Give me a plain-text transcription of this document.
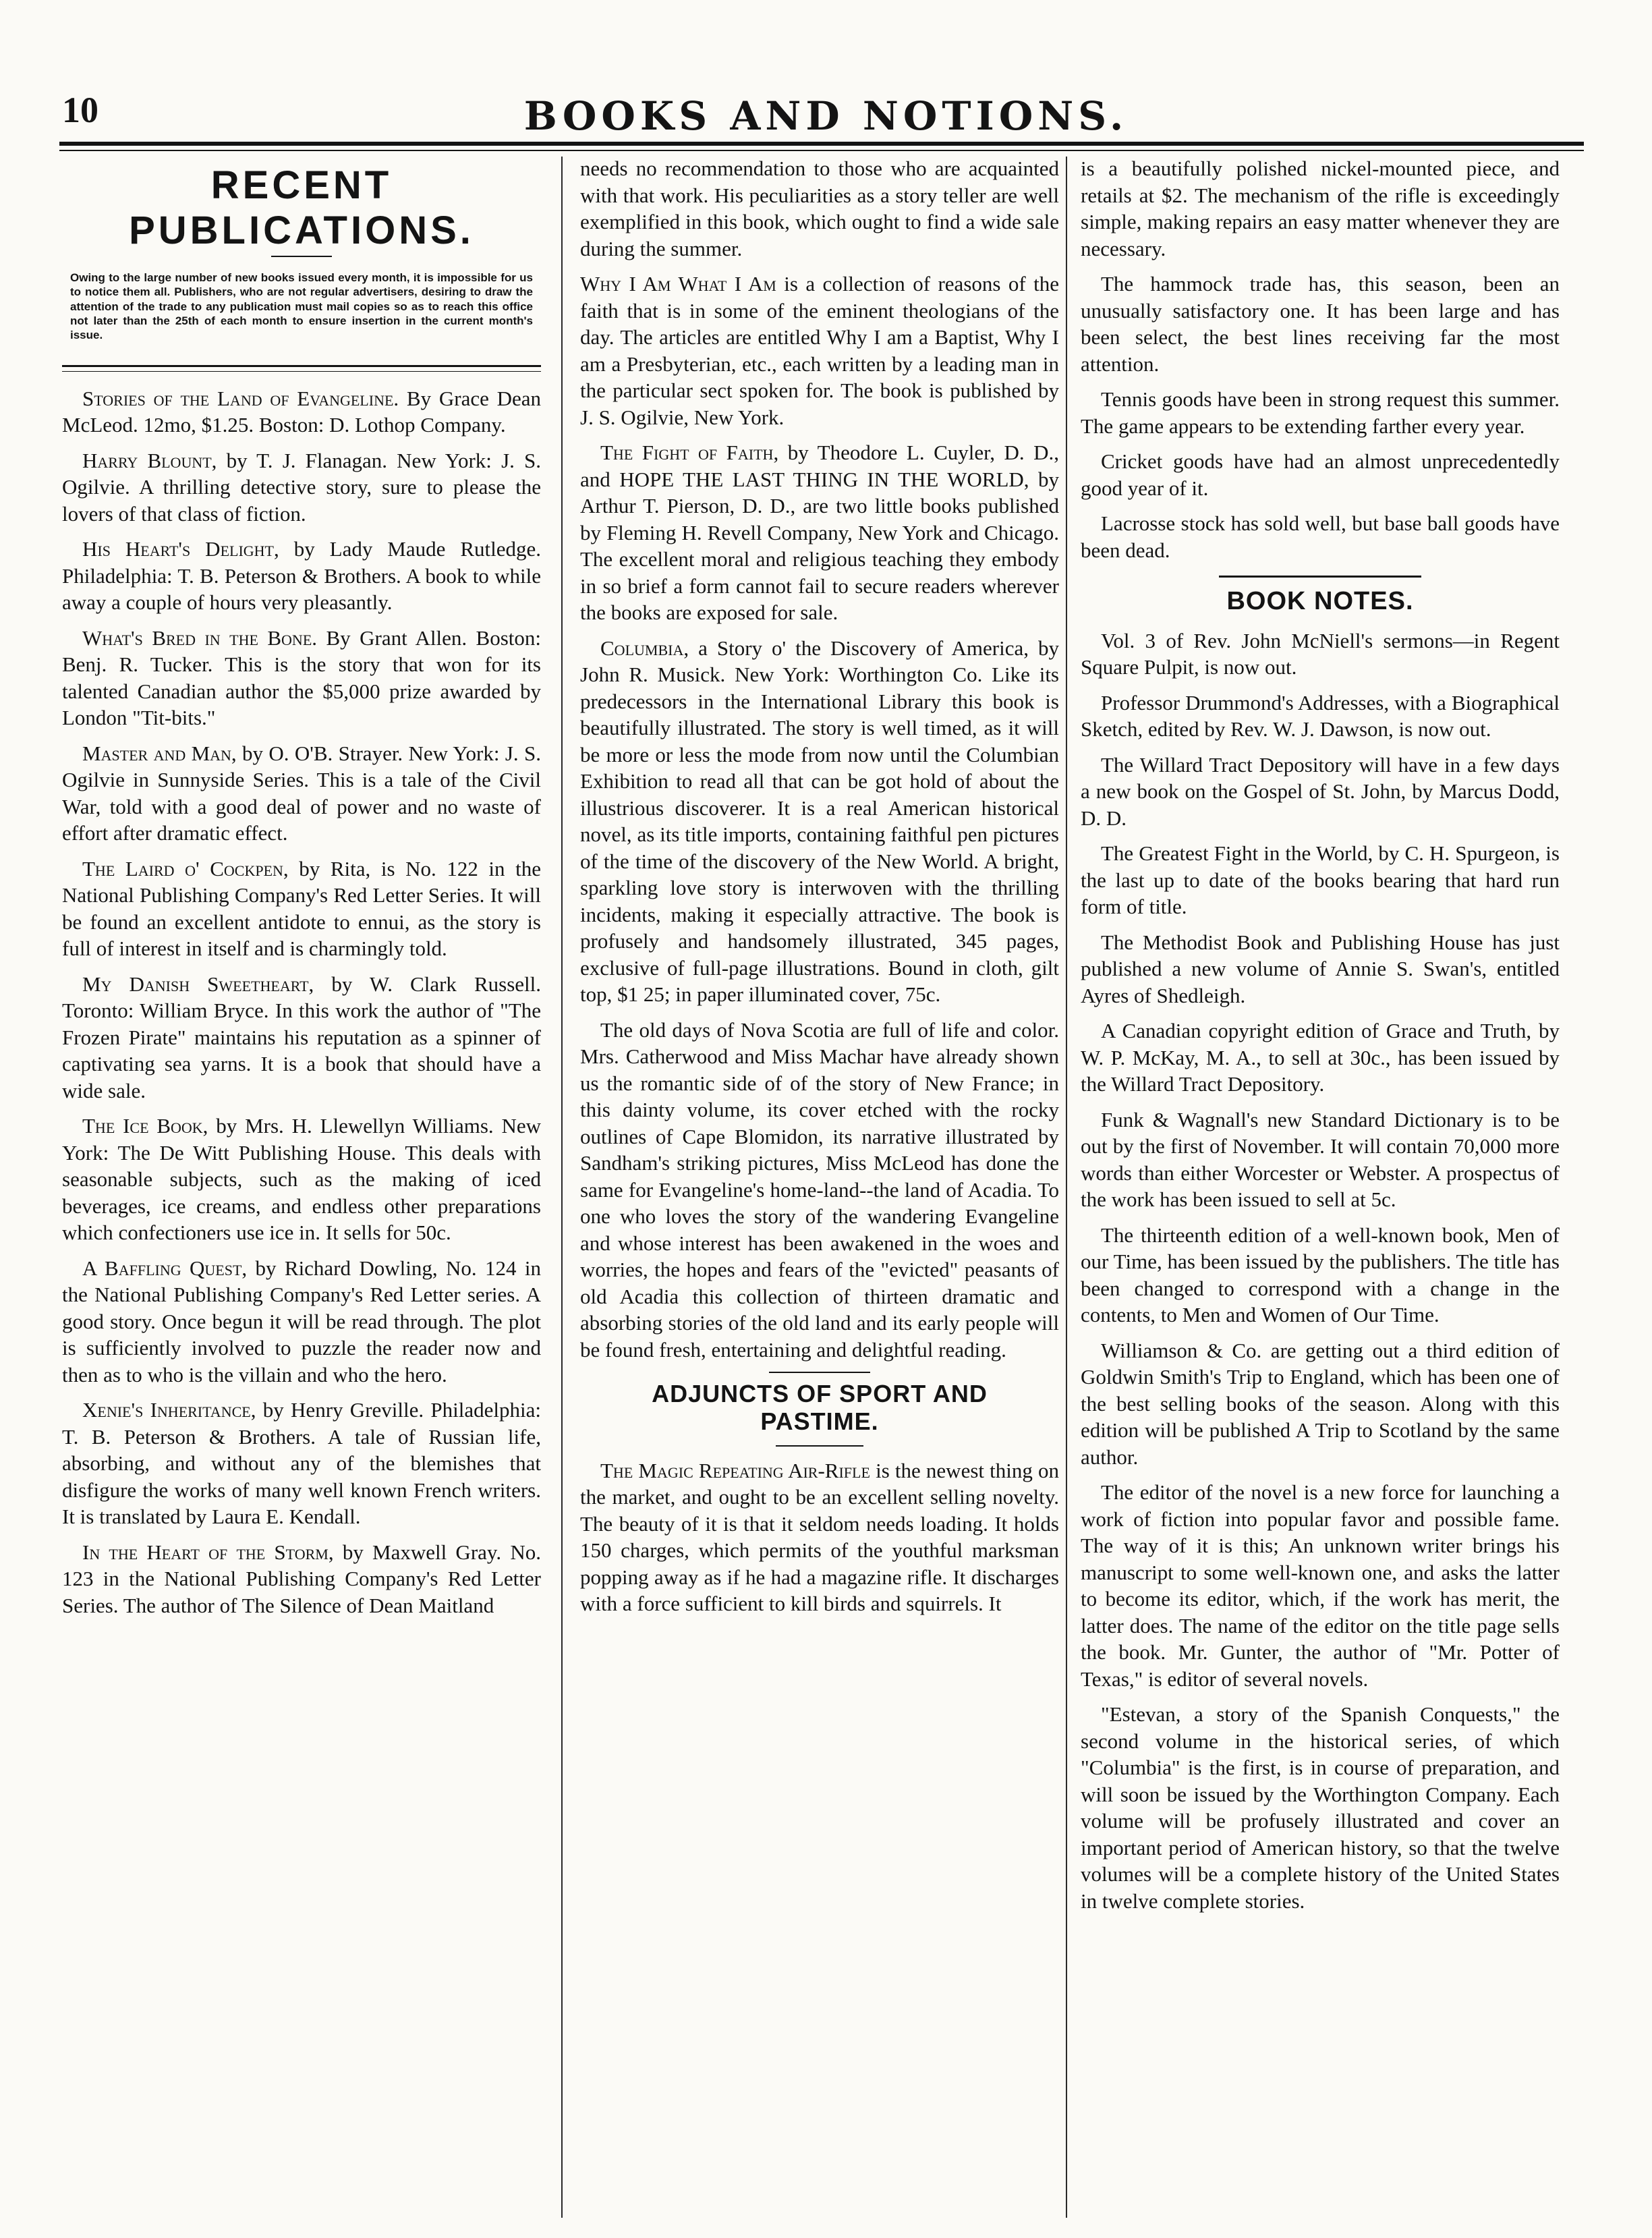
10	BOOKS AND NOTIONS.
RECENT
PUBLICATIONS.
Owing to the large number of new books issued every month, it is impossible for us to notice them all. Publishers, who are not regular advertisers, desiring to draw the attention of the trade to any publication must mail copies so as to reach this office not later than the 25th of each month to ensure insertion in the current month's issue.

Stories of the Land of Evangeline. By Grace Dean McLeod. 12mo, $1.25. Boston: D. Lothop Company.

Harry Blount, by T. J. Flanagan. New York: J. S. Ogilvie. A thrilling detective story, sure to please the lovers of that class of fiction.

His Heart's Delight, by Lady Maude Rutledge. Philadelphia: T. B. Peterson & Brothers. A book to while away a couple of hours very pleasantly.

What's Bred in the Bone. By Grant Allen. Boston: Benj. R. Tucker. This is the story that won for its talented Canadian author the $5,000 prize awarded by London "Tit-bits."

Master and Man, by O. O'B. Strayer. New York: J. S. Ogilvie in Sunnyside Series. This is a tale of the Civil War, told with a good deal of power and no waste of effort after dramatic effect.

The Laird o' Cockpen, by Rita, is No. 122 in the National Publishing Company's Red Letter Series. It will be found an excellent antidote to ennui, as the story is full of interest in itself and is charmingly told.

My Danish Sweetheart, by W. Clark Russell. Toronto: William Bryce. In this work the author of "The Frozen Pirate" maintains his reputation as a spinner of captivating sea yarns. It is a book that should have a wide sale.

The Ice Book, by Mrs. H. Llewellyn Williams. New York: The De Witt Publishing House. This deals with seasonable subjects, such as the making of iced beverages, ice creams, and endless other preparations which confectioners use ice in. It sells for 50c.

A Baffling Quest, by Richard Dowling, No. 124 in the National Publishing Company's Red Letter series. A good story. Once begun it will be read through. The plot is sufficiently involved to puzzle the reader now and then as to who is the villain and who the hero.

Xenie's Inheritance, by Henry Greville. Philadelphia: T. B. Peterson & Brothers. A tale of Russian life, absorbing, and without any of the blemishes that disfigure the works of many well known French writers. It is translated by Laura E. Kendall.

In the Heart of the Storm, by Maxwell Gray. No. 123 in the National Publishing Company's Red Letter Series. The author of The Silence of Dean Maitland

needs no recommendation to those who are acquainted with that work. His peculiarities as a story teller are well exemplified in this book, which ought to find a wide sale during the summer.

Why I Am What I Am is a collection of reasons of the faith that is in some of the eminent theologians of the day. The articles are entitled Why I am a Baptist, Why I am a Presbyterian, etc., each written by a leading man in the particular sect spoken for. The book is published by J. S. Ogilvie, New York.

The Fight of Faith, by Theodore L. Cuyler, D. D., and HOPE THE LAST THING IN THE WORLD, by Arthur T. Pierson, D. D., are two little books published by Fleming H. Revell Company, New York and Chicago. The excellent moral and religious teaching they embody in so brief a form cannot fail to secure readers wherever the books are exposed for sale.

Columbia, a Story o' the Discovery of America, by John R. Musick. New York: Worthington Co. Like its predecessors in the International Library this book is beautifully illustrated. The story is well timed, as it will be more or less the mode from now until the Columbian Exhibition to read all that can be got hold of about the illustrious discoverer. It is a real American historical novel, as its title imports, containing faithful pen pictures of the time of the discovery of the New World. A bright, sparkling love story is interwoven with the thrilling incidents, making it especially attractive. The book is profusely and handsomely illustrated, 345 pages, exclusive of full-page illustrations. Bound in cloth, gilt top, $1 25; in paper illuminated cover, 75c.

The old days of Nova Scotia are full of life and color. Mrs. Catherwood and Miss Machar have already shown us the romantic side of of the story of New France; in this dainty volume, its cover etched with the rocky outlines of Cape Blomidon, its narrative illustrated by Sandham's striking pictures, Miss McLeod has done the same for Evangeline's home-land--the land of Acadia. To one who loves the story of the wandering Evangeline and whose interest has been awakened in the woes and worries, the hopes and fears of the "evicted" peasants of old Acadia this collection of thirteen dramatic and absorbing stories of the old land and its early people will be found fresh, entertaining and delightful reading.

ADJUNCTS OF SPORT AND PASTIME.

The Magic Repeating Air-Rifle is the newest thing on the market, and ought to be an excellent selling novelty. The beauty of it is that it seldom needs loading. It holds 150 charges, which permits of the youthful marksman popping away as if he had a magazine rifle. It discharges with a force sufficient to kill birds and squirrels. It

is a beautifully polished nickel-mounted piece, and retails at $2. The mechanism of the rifle is exceedingly simple, making repairs an easy matter whenever they are necessary.

The hammock trade has, this season, been an unusually satisfactory one. It has been large and has been select, the best lines receiving far the most attention.

Tennis goods have been in strong request this summer. The game appears to be extending farther every year.

Cricket goods have had an almost unprecedentedly good year of it.

Lacrosse stock has sold well, but base ball goods have been dead.

BOOK NOTES.

Vol. 3 of Rev. John McNiell's sermons—in Regent Square Pulpit, is now out.

Professor Drummond's Addresses, with a Biographical Sketch, edited by Rev. W. J. Dawson, is now out.

The Willard Tract Depository will have in a few days a new book on the Gospel of St. John, by Marcus Dodd, D. D.

The Greatest Fight in the World, by C. H. Spurgeon, is the last up to date of the books bearing that hard run form of title.

The Methodist Book and Publishing House has just published a new volume of Annie S. Swan's, entitled Ayres of Shedleigh.

A Canadian copyright edition of Grace and Truth, by W. P. McKay, M. A., to sell at 30c., has been issued by the Willard Tract Depository.

Funk & Wagnall's new Standard Dictionary is to be out by the first of November. It will contain 70,000 more words than either Worcester or Webster. A prospectus of the work has been issued to sell at 5c.

The thirteenth edition of a well-known book, Men of our Time, has been issued by the publishers. The title has been changed to correspond with a change in the contents, to Men and Women of Our Time.

Williamson & Co. are getting out a third edition of Goldwin Smith's Trip to England, which has been one of the best selling books of the season. Along with this edition will be published A Trip to Scotland by the same author.

The editor of the novel is a new force for launching a work of fiction into popular favor and possible fame. The way of it is this; An unknown writer brings his manuscript to some well-known one, and asks the latter to become its editor, which, if the work has merit, the latter does. The name of the editor on the title page sells the book. Mr. Gunter, the author of "Mr. Potter of Texas," is editor of several novels.

"Estevan, a story of the Spanish Conquests," the second volume in the historical series, of which "Columbia" is the first, is in course of preparation, and will soon be issued by the Worthington Company. Each volume will be profusely illustrated and cover an important period of American history, so that the twelve volumes will be a complete history of the United States in twelve complete stories.
